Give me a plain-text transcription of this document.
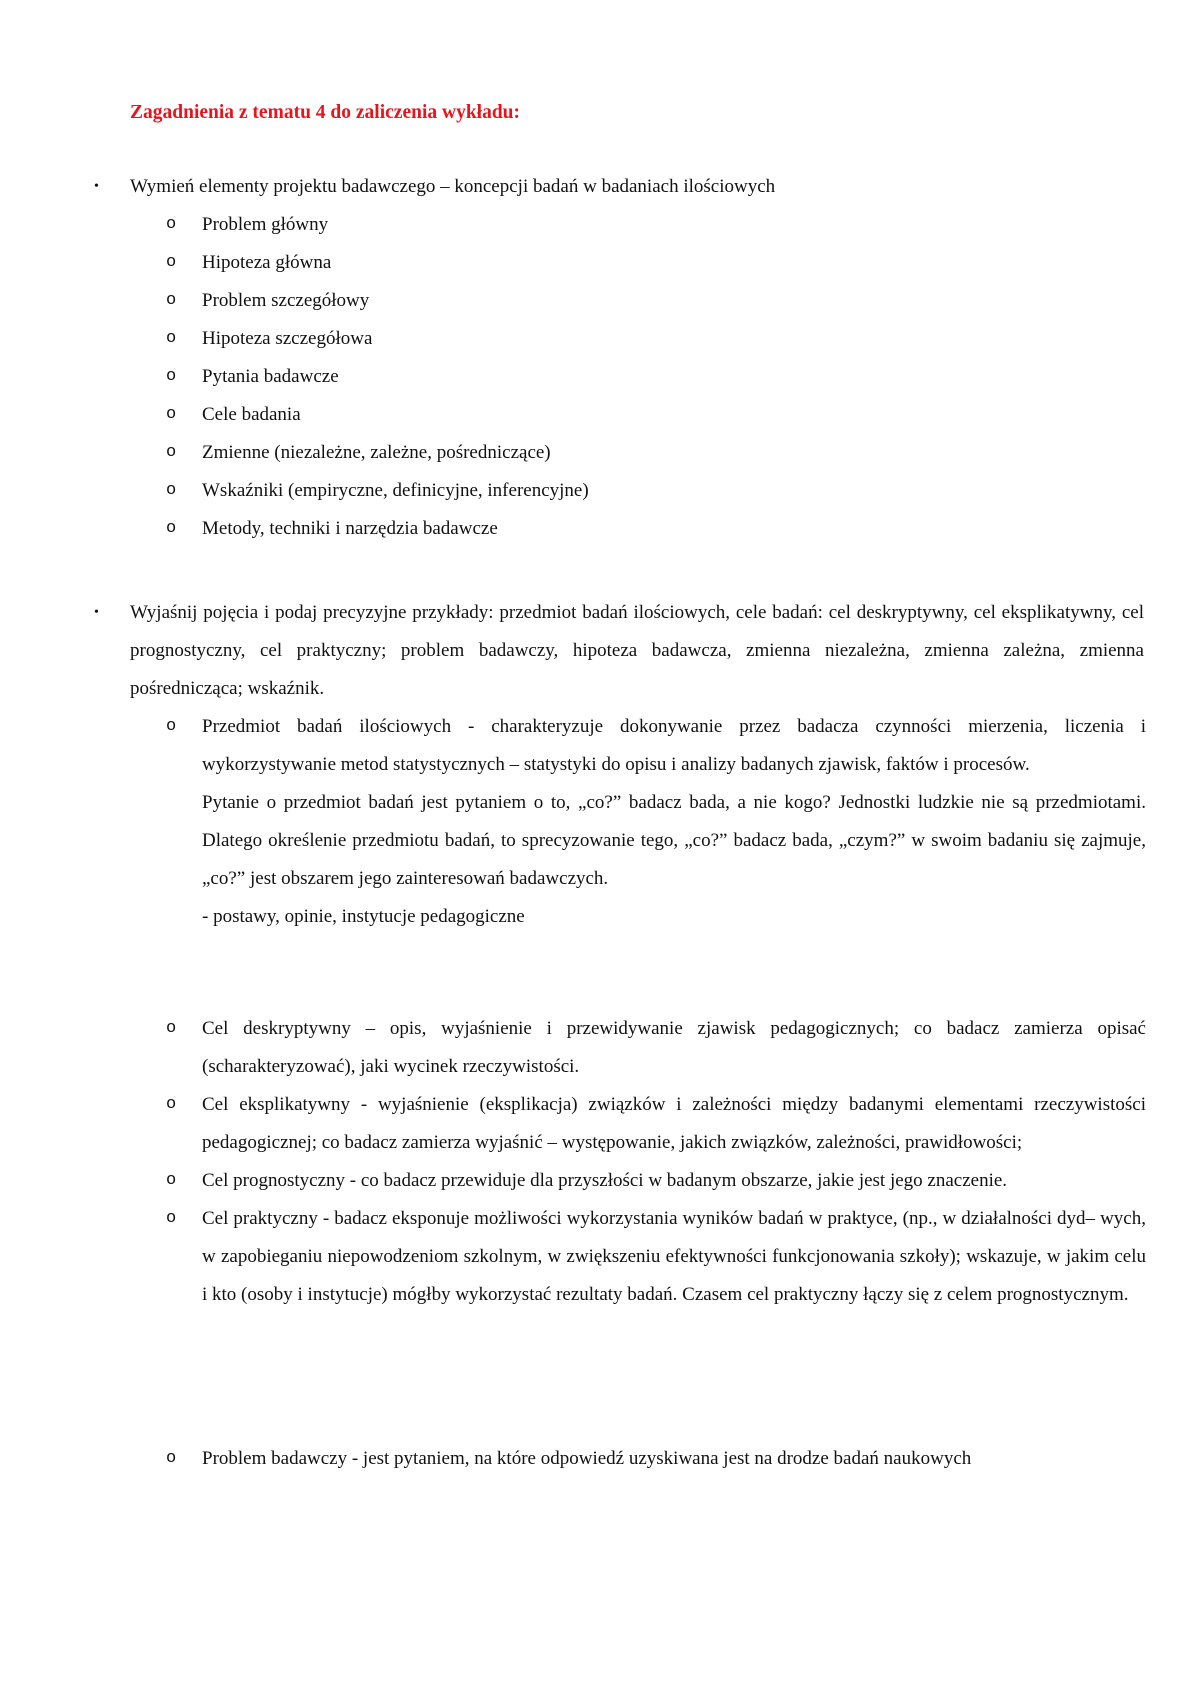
Zagadnienia z tematu 4 do zaliczenia wykładu:
•	Wymień elementy projektu badawczego – koncepcji badań w badaniach ilościowych
o Problem główny
o Hipoteza główna
o Problem szczegółowy
o Hipoteza szczegółowa
o Pytania badawcze
o Cele badania
o Zmienne (niezależne, zależne, pośredniczące)
o Wskaźniki (empiryczne, definicyjne, inferencyjne)
o Metody, techniki i narzędzia badawcze
•	Wyjaśnij pojęcia i podaj precyzyjne przykłady: przedmiot badań ilościowych, cele badań: cel deskryptywny, cel eksplikatywny, cel prognostyczny, cel praktyczny; problem badawczy, hipoteza badawcza, zmienna niezależna, zmienna zależna, zmienna pośrednicząca; wskaźnik.
o Przedmiot badań ilościowych - charakteryzuje dokonywanie przez badacza czynności mierzenia, liczenia i wykorzystywanie metod statystycznych – statystyki do opisu i analizy badanych zjawisk, faktów i procesów.
Pytanie o przedmiot badań jest pytaniem o to, „co?” badacz bada, a nie kogo? Jednostki ludzkie nie są przedmiotami. Dlatego określenie przedmiotu badań, to sprecyzowanie tego, „co?” badacz bada, „czym?” w swoim badaniu się zajmuje, „co?” jest obszarem jego zainteresowań badawczych.
- postawy, opinie, instytucje pedagogiczne
o Cel deskryptywny – opis, wyjaśnienie i przewidywanie zjawisk pedagogicznych; co badacz zamierza opisać (scharakteryzować), jaki wycinek rzeczywistości.
o Cel eksplikatywny - wyjaśnienie (eksplikacja) związków i zależności między badanymi elementami rzeczywistości pedagogicznej; co badacz zamierza wyjaśnić – występowanie, jakich związków, zależności, prawidłowości;
o Cel prognostyczny - co badacz przewiduje dla przyszłości w badanym obszarze, jakie jest jego znaczenie.
o Cel praktyczny - badacz eksponuje możliwości wykorzystania wyników badań w praktyce, (np., w działalności dyd– wych, w zapobieganiu niepowodzeniom szkolnym, w zwiększeniu efektywności funkcjonowania szkoły); wskazuje, w jakim celu i kto (osoby i instytucje) mógłby wykorzystać rezultaty badań. Czasem cel praktyczny łączy się z celem prognostycznym.
o Problem badawczy - jest pytaniem, na które odpowiedź uzyskiwana jest na drodze badań naukowych
